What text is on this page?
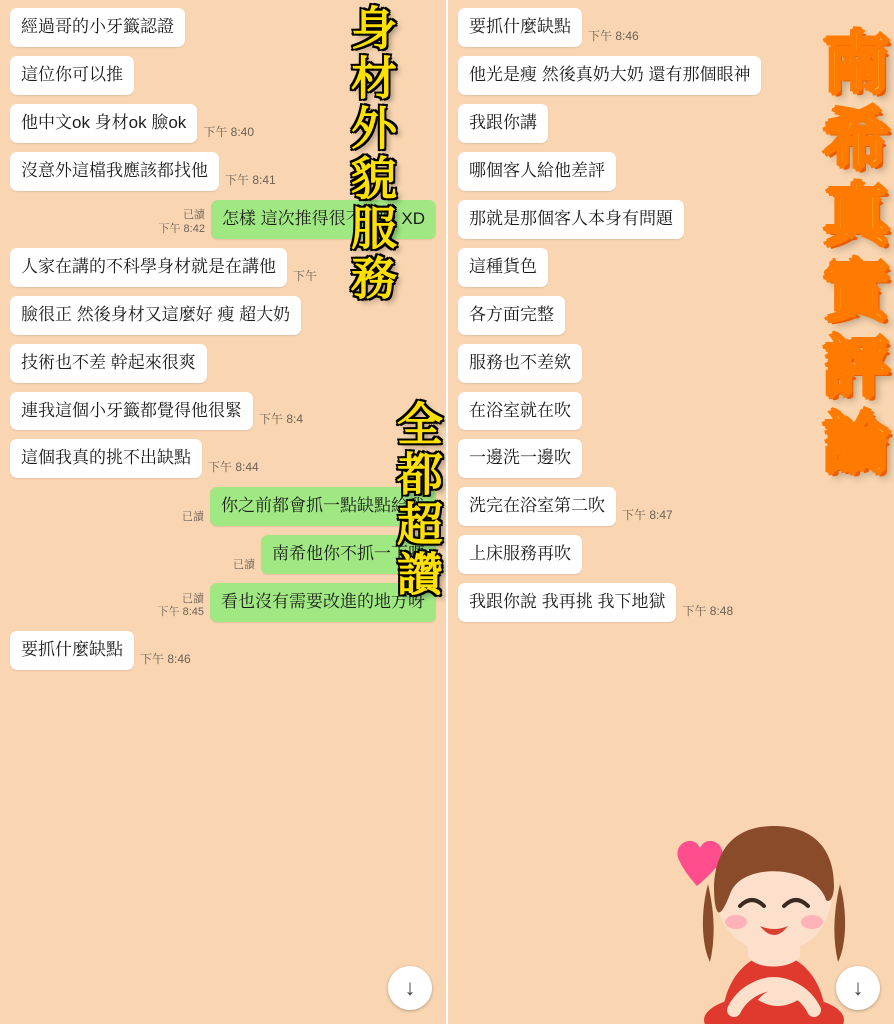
經過哥的小牙籤認證
這位你可以推
他中文ok 身材ok 臉ok	下午 8:40
沒意外這檔我應該都找他	下午 8:41
已讀
下午 8:42
怎樣 這次推得很不錯吧 XD
人家在講的不科學身材就是在講他	下午
臉很正 然後身材又這麼好 瘦 超大奶
技術也不差 幹起來很爽
連我這個小牙籤都覺得他很緊	下午 8:4
這個我真的挑不出缺點	下午 8:44
已讀
你之前都會抓一點缺點給我
已讀
南希他你不抓一下嗎
已讀
下午 8:45
看也沒有需要改進的地方呀
要抓什麼缺點	下午 8:46
身材外貌服務
全都超讚
↓
要抓什麼缺點	下午 8:46
他光是瘦 然後真奶大奶 還有那個眼神
我跟你講
哪個客人給他差評
那就是那個客人本身有問題
這種貨色
各方面完整
服務也不差欸
在浴室就在吹
一邊洗一邊吹
洗完在浴室第二吹	下午 8:47
上床服務再吹
我跟你說 我再挑 我下地獄	下午 8:48
南希真實評論
↓
